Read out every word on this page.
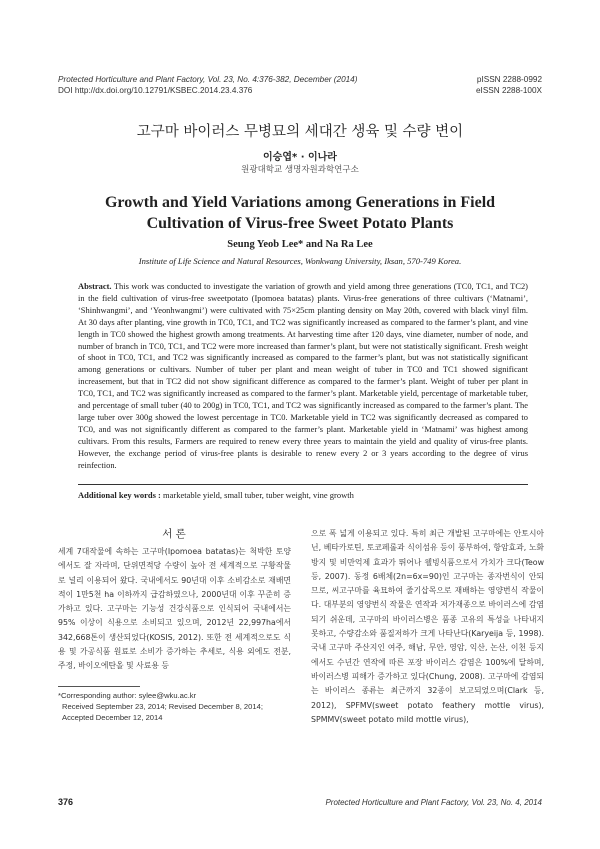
Protected Horticulture and Plant Factory, Vol. 23, No. 4:376-382, December (2014)
DOI http://dx.doi.org/10.12791/KSBEC.2014.23.4.376
pISSN 2288-0992
eISSN 2288-100X
고구마 바이러스 무병묘의 세대간 생육 및 수량 변이
이승엽* · 이나라
원광대학교 생명자원과학연구소
Growth and Yield Variations among Generations in Field
Cultivation of Virus-free Sweet Potato Plants
Seung Yeob Lee* and Na Ra Lee
Institute of Life Science and Natural Resources, Wonkwang University, Iksan, 570-749 Korea.
Abstract. This work was conducted to investigate the variation of growth and yield among three generations (TC0, TC1, and TC2) in the field cultivation of virus-free sweetpotato (Ipomoea batatas) plants. Virus-free generations of three cultivars (‘Matnami’, ‘Shinhwangmi’, and ‘Yeonhwangmi’) were cultivated with 75×25cm planting density on May 20th, covered with black vinyl film. At 30 days after planting, vine growth in TC0, TC1, and TC2 was significantly increased as compared to the farmer’s plant, and vine length in TC0 showed the highest growth among treatments. At harvesting time after 120 days, vine diameter, number of node, and number of branch in TC0, TC1, and TC2 were more increased than farmer’s plant, but were not statistically significant. Fresh weight of shoot in TC0, TC1, and TC2 was significantly increased as compared to the farmer’s plant, but was not statistically significant among generations or cultivars. Number of tuber per plant and mean weight of tuber in TC0 and TC1 showed significant increasement, but that in TC2 did not show significant difference as compared to the farmer’s plant. Weight of tuber per plant in TC0, TC1, and TC2 was significantly increased as compared to the farmer’s plant. Marketable yield, percentage of marketable tuber, and percentage of small tuber (40 to 200g) in TC0, TC1, and TC2 was significantly increased as compared to the farmer’s plant. The large tuber over 300g showed the lowest percentage in TC0. Marketable yield in TC2 was significantly decreased as compared to TC0, and was not significantly different as compared to the farmer’s plant. Marketable yield in ‘Matnami’ was highest among cultivars. From this results, Farmers are required to renew every three years to maintain the yield and quality of virus-free plants. However, the exchange period of virus-free plants is desirable to renew every 2 or 3 years according to the degree of virus reinfection.
Additional key words : marketable yield, small tuber, tuber weight, vine growth
서 론
세계 7대작물에 속하는 고구마(Ipomoea batatas)는 척박한 토양에서도 잘 자라며, 단위면적당 수량이 높아 전 세계적으로 구황작물로 널리 이용되어 왔다. 국내에서도 90년대 이후 소비감소로 재배면적이 1만5천 ha 이하까지 급감하였으나, 2000년대 이후 꾸준히 증가하고 있다. 고구마는 기능성 건강식품으로 인식되어 국내에서는 95% 이상이 식용으로 소비되고 있으며, 2012년 22,997ha에서 342,668톤이 생산되었다(KOSIS, 2012). 또한 전 세계적으로도 식용 및 가공식품 원료로 소비가 증가하는 추세로, 식용 외에도 전분, 주정, 바이오에탄올 및 사료용 등
으로 폭 넓게 이용되고 있다. 특히 최근 개발된 고구마에는 안토시아닌, 베타카로틴, 토코페롤과 식이섬유 등이 풍부하여, 항암효과, 노화방지 및 비만억제 효과가 뛰어나 웰빙식품으로서 가치가 크다(Teow 등, 2007). 동정 6배체(2n=6x=90)인 고구마는 종자번식이 안되므로, 씨고구마를 육묘하여 줄기삽목으로 재배하는 영양번식 작물이다. 대부분의 영양번식 작물은 연작과 저가재종으로 바이러스에 감염되기 쉬운데, 고구마의 바이러스병은 품종 고유의 특성을 나타내지 못하고, 수량감소와 품질저하가 크게 나타난다(Karyeija 등, 1998). 국내 고구마 주산지인 여주, 해남, 무안, 영암, 익산, 논산, 이천 등지에서도 수년간 연작에 따른 포장 바이러스 감염은 100%에 달하며, 바이러스병 피해가 증가하고 있다(Chung, 2008). 고구마에 감염되는 바이러스 종류는 최근까지 32종이 보고되었으며(Clark 등, 2012), SPFMV(sweet potato feathery mottle virus), SPMMV(sweet potato mild mottle virus),
*Corresponding author: sylee@wku.ac.kr
Received September 23, 2014; Revised December 8, 2014;
Accepted December 12, 2014
376	Protected Horticulture and Plant Factory, Vol. 23, No. 4, 2014
